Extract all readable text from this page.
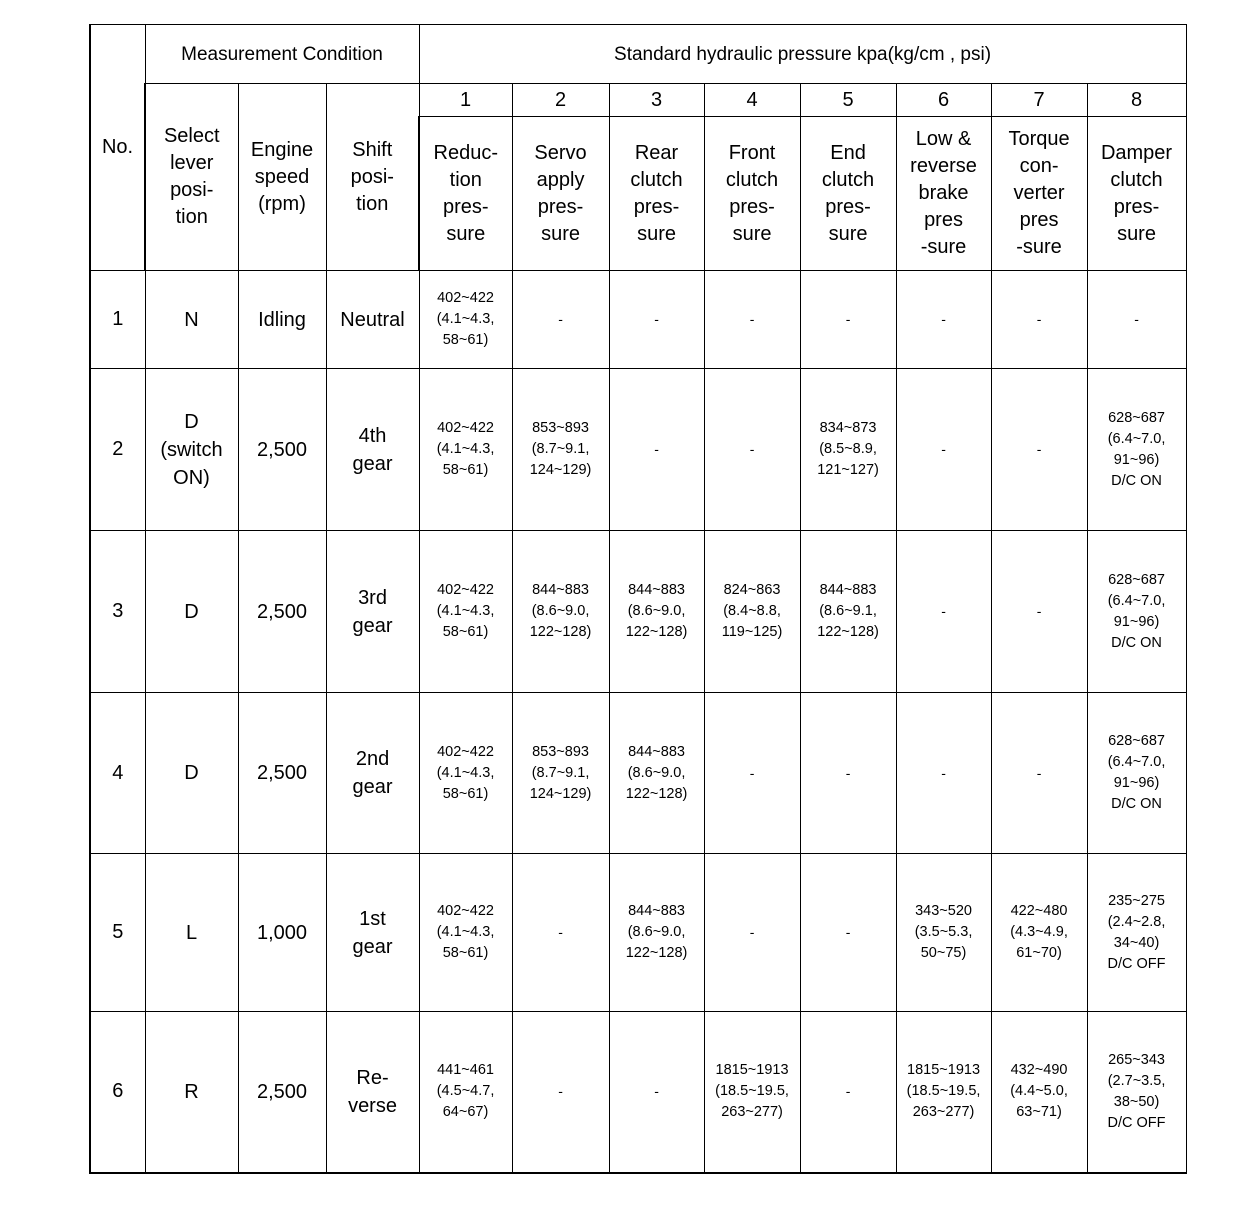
No.	Measurement Condition			Standard hydraulic pressure kpa(kg/cm , psi)							

	Select
lever
posi-
tion	Engine
speed
(rpm)	Shift
posi-
tion	1	2	3	4	5	6	7	8

				Reduc-
tion
pres-
sure	Servo
apply
pres-
sure	Rear
clutch
pres-
sure	Front
clutch
pres-
sure	End
clutch
pres-
sure	Low &
reverse
brake
pres
-sure	Torque
con-
verter
pres
-sure	Damper
clutch
pres-
sure

1	N	Idling	Neutral	402~422
(4.1~4.3,
58~61)	-	-	-	-	-	-	-

2	D
(switch
ON)	2,500	4th
gear	402~422
(4.1~4.3,
58~61)	853~893
(8.7~9.1,
124~129)	-	-	834~873
(8.5~8.9,
121~127)	-	-	628~687
(6.4~7.0,
91~96)
D/C ON

3	D	2,500	3rd
gear	402~422
(4.1~4.3,
58~61)	844~883
(8.6~9.0,
122~128)	844~883
(8.6~9.0,
122~128)	824~863
(8.4~8.8,
119~125)	844~883
(8.6~9.1,
122~128)	-	-	628~687
(6.4~7.0,
91~96)
D/C ON

4	D	2,500	2nd
gear	402~422
(4.1~4.3,
58~61)	853~893
(8.7~9.1,
124~129)	844~883
(8.6~9.0,
122~128)	-	-	-	-	628~687
(6.4~7.0,
91~96)
D/C ON

5	L	1,000	1st
gear	402~422
(4.1~4.3,
58~61)	-	844~883
(8.6~9.0,
122~128)	-	-	343~520
(3.5~5.3,
50~75)	422~480
(4.3~4.9,
61~70)	235~275
(2.4~2.8,
34~40)
D/C OFF

6	R	2,500	Re-
verse	441~461
(4.5~4.7,
64~67)	-	-	1815~1913
(18.5~19.5,
263~277)	-	1815~1913
(18.5~19.5,
263~277)	432~490
(4.4~5.0,
63~71)	265~343
(2.7~3.5,
38~50)
D/C OFF
